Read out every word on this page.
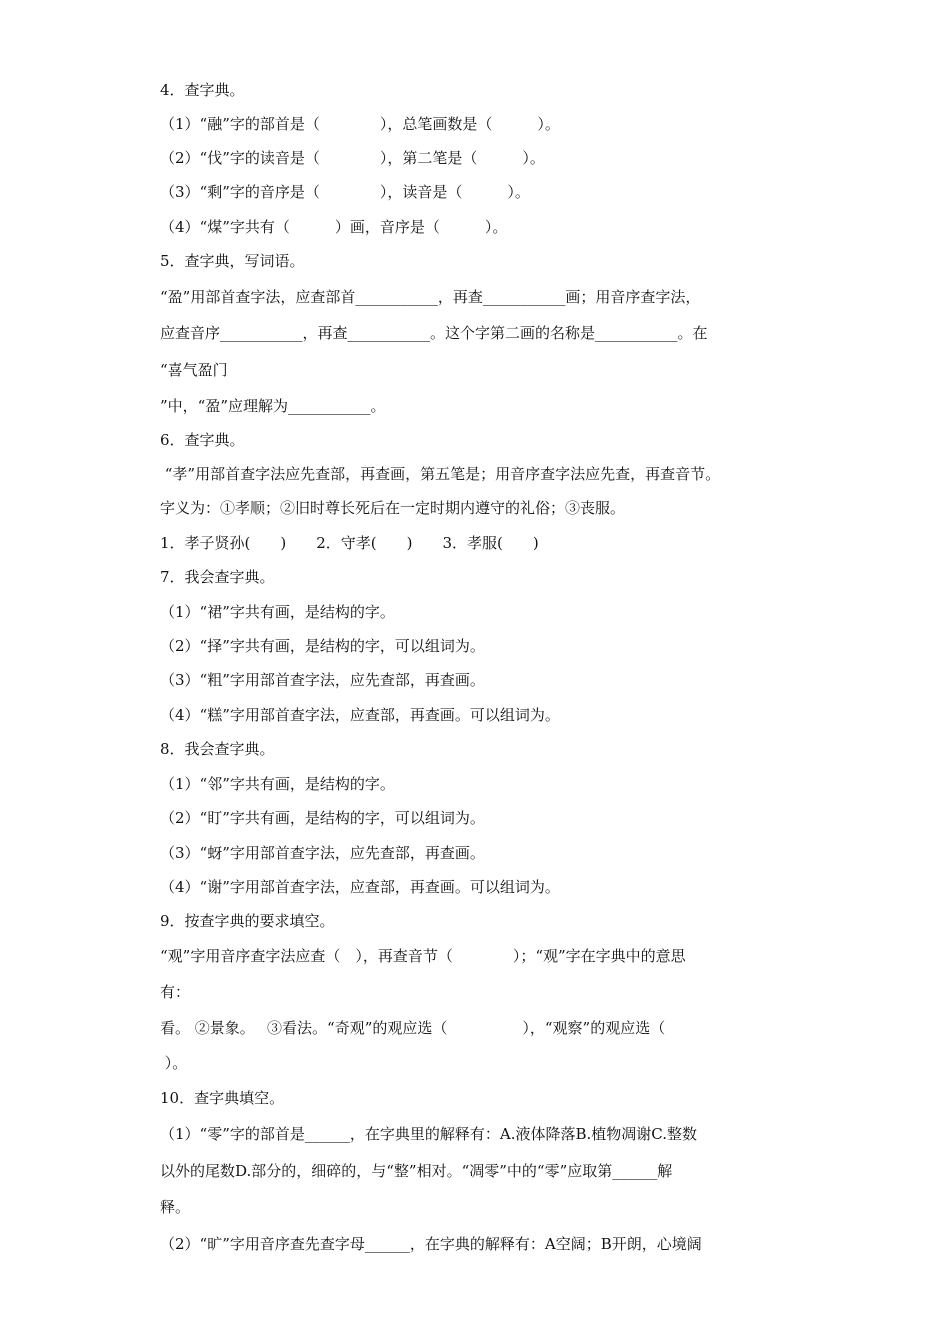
4．查字典。
（1）“融”字的部首是（　　　　），总笔画数是（　　　）。
（2）“伐”字的读音是（　　　　），第二笔是（　　　）。
（3）“剩”字的音序是（　　　　），读音是（　　　）。
（4）“煤”字共有（　　　）画，音序是（　　　）。
5．查字典，写词语。
“盈”用部首查字法，应查部首___________，再查___________画；用音序查字法，
应查音序___________，再查___________。这个字第二画的名称是___________。在
“喜气盈门
”中，“盈”应理解为___________。
6．查字典。
“孝”用部首查字法应先查部，再查画，第五笔是；用音序查字法应先查，再查音节。
字义为：①孝顺；②旧时尊长死后在一定时期内遵守的礼俗；③丧服。
1．孝子贤孙(　　)　　2．守孝(　　)　　3．孝服(　　)
7．我会查字典。
（1）“裙”字共有画，是结构的字。
（2）“择”字共有画，是结构的字，可以组词为。
（3）“粗”字用部首查字法，应先查部，再查画。
（4）“糕”字用部首查字法，应查部，再查画。可以组词为。
8．我会查字典。
（1）“邻”字共有画，是结构的字。
（2）“盯”字共有画，是结构的字，可以组词为。
（3）“蚜”字用部首查字法，应先查部，再查画。
（4）“谢”字用部首查字法，应查部，再查画。可以组词为。
9．按查字典的要求填空。
“观”字用音序查字法应查（　），再查音节（　　　　）；“观”字在字典中的意思
有：
看。 ②景象。　 ③看法。“奇观”的观应选（　　　　　），“观察”的观应选（
）。
10．查字典填空。
（1）“零”字的部首是______，在字典里的解释有：A.液体降落B.植物凋谢C.整数
以外的尾数D.部分的，细碎的，与“整”相对。“凋零”中的“零”应取第______解
释。
（2）“旷”字用音序查先查字母______，在字典的解释有：A空阔；B开朗，心境阔
